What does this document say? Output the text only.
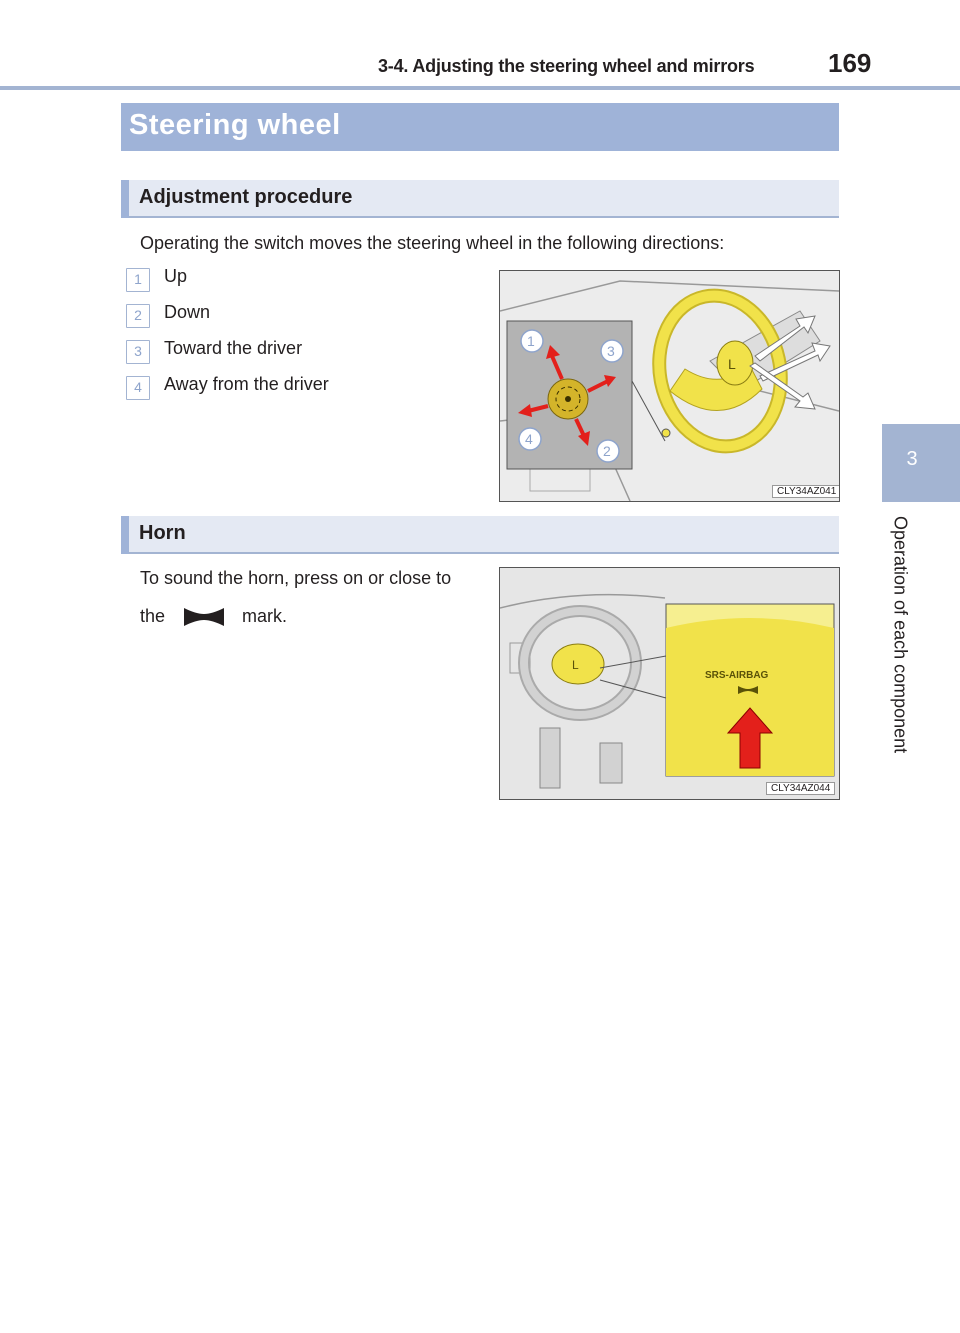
3-4. Adjusting the steering wheel and mirrors	169
3
Operation of each component
Steering wheel
Adjustment procedure
Operating the switch moves the steering wheel in the following directions:
1	Up
2	Down
3	Toward the driver
4	Away from the driver
L
1
3
4
2
CLY34AZ041
Horn
To sound the horn, press on or close to
the	mark.
L
SRS-AIRBAG
CLY34AZ044
